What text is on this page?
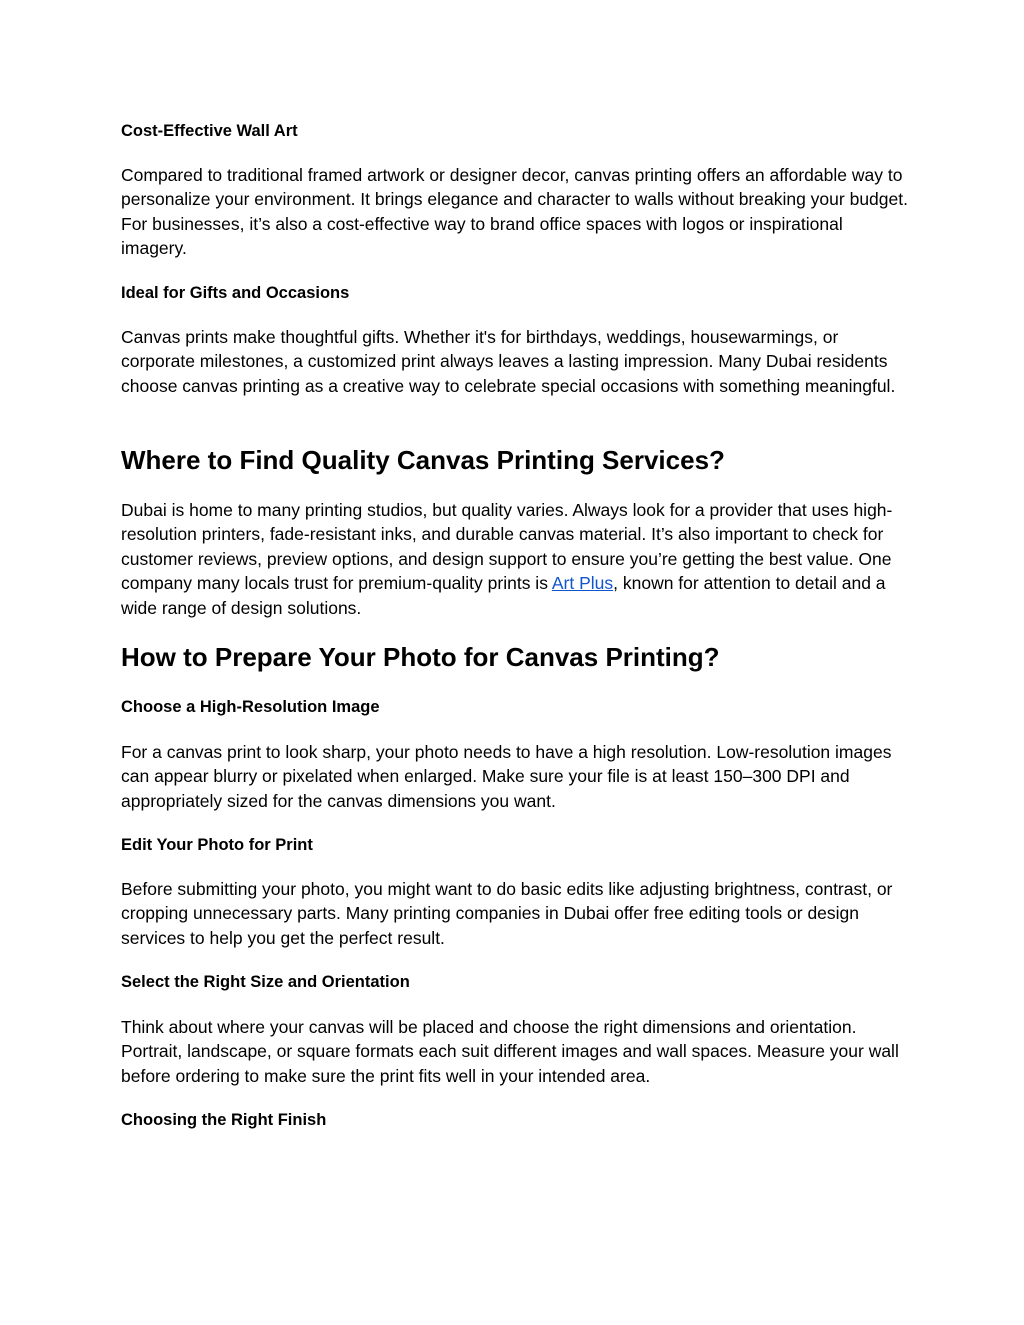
Cost-Effective Wall Art

Compared to traditional framed artwork or designer decor, canvas printing offers an affordable way to personalize your environment. It brings elegance and character to walls without breaking your budget. For businesses, it’s also a cost-effective way to brand office spaces with logos or inspirational imagery.

Ideal for Gifts and Occasions

Canvas prints make thoughtful gifts. Whether it's for birthdays, weddings, housewarmings, or corporate milestones, a customized print always leaves a lasting impression. Many Dubai residents choose canvas printing as a creative way to celebrate special occasions with something meaningful.

Where to Find Quality Canvas Printing Services?

Dubai is home to many printing studios, but quality varies. Always look for a provider that uses high-resolution printers, fade-resistant inks, and durable canvas material. It’s also important to check for customer reviews, preview options, and design support to ensure you’re getting the best value. One company many locals trust for premium-quality prints is Art Plus, known for attention to detail and a wide range of design solutions.

How to Prepare Your Photo for Canvas Printing?
Choose a High-Resolution Image

For a canvas print to look sharp, your photo needs to have a high resolution. Low-resolution images can appear blurry or pixelated when enlarged. Make sure your file is at least 150–300 DPI and appropriately sized for the canvas dimensions you want.

Edit Your Photo for Print

Before submitting your photo, you might want to do basic edits like adjusting brightness, contrast, or cropping unnecessary parts. Many printing companies in Dubai offer free editing tools or design services to help you get the perfect result.

Select the Right Size and Orientation

Think about where your canvas will be placed and choose the right dimensions and orientation. Portrait, landscape, or square formats each suit different images and wall spaces. Measure your wall before ordering to make sure the print fits well in your intended area.

Choosing the Right Finish
